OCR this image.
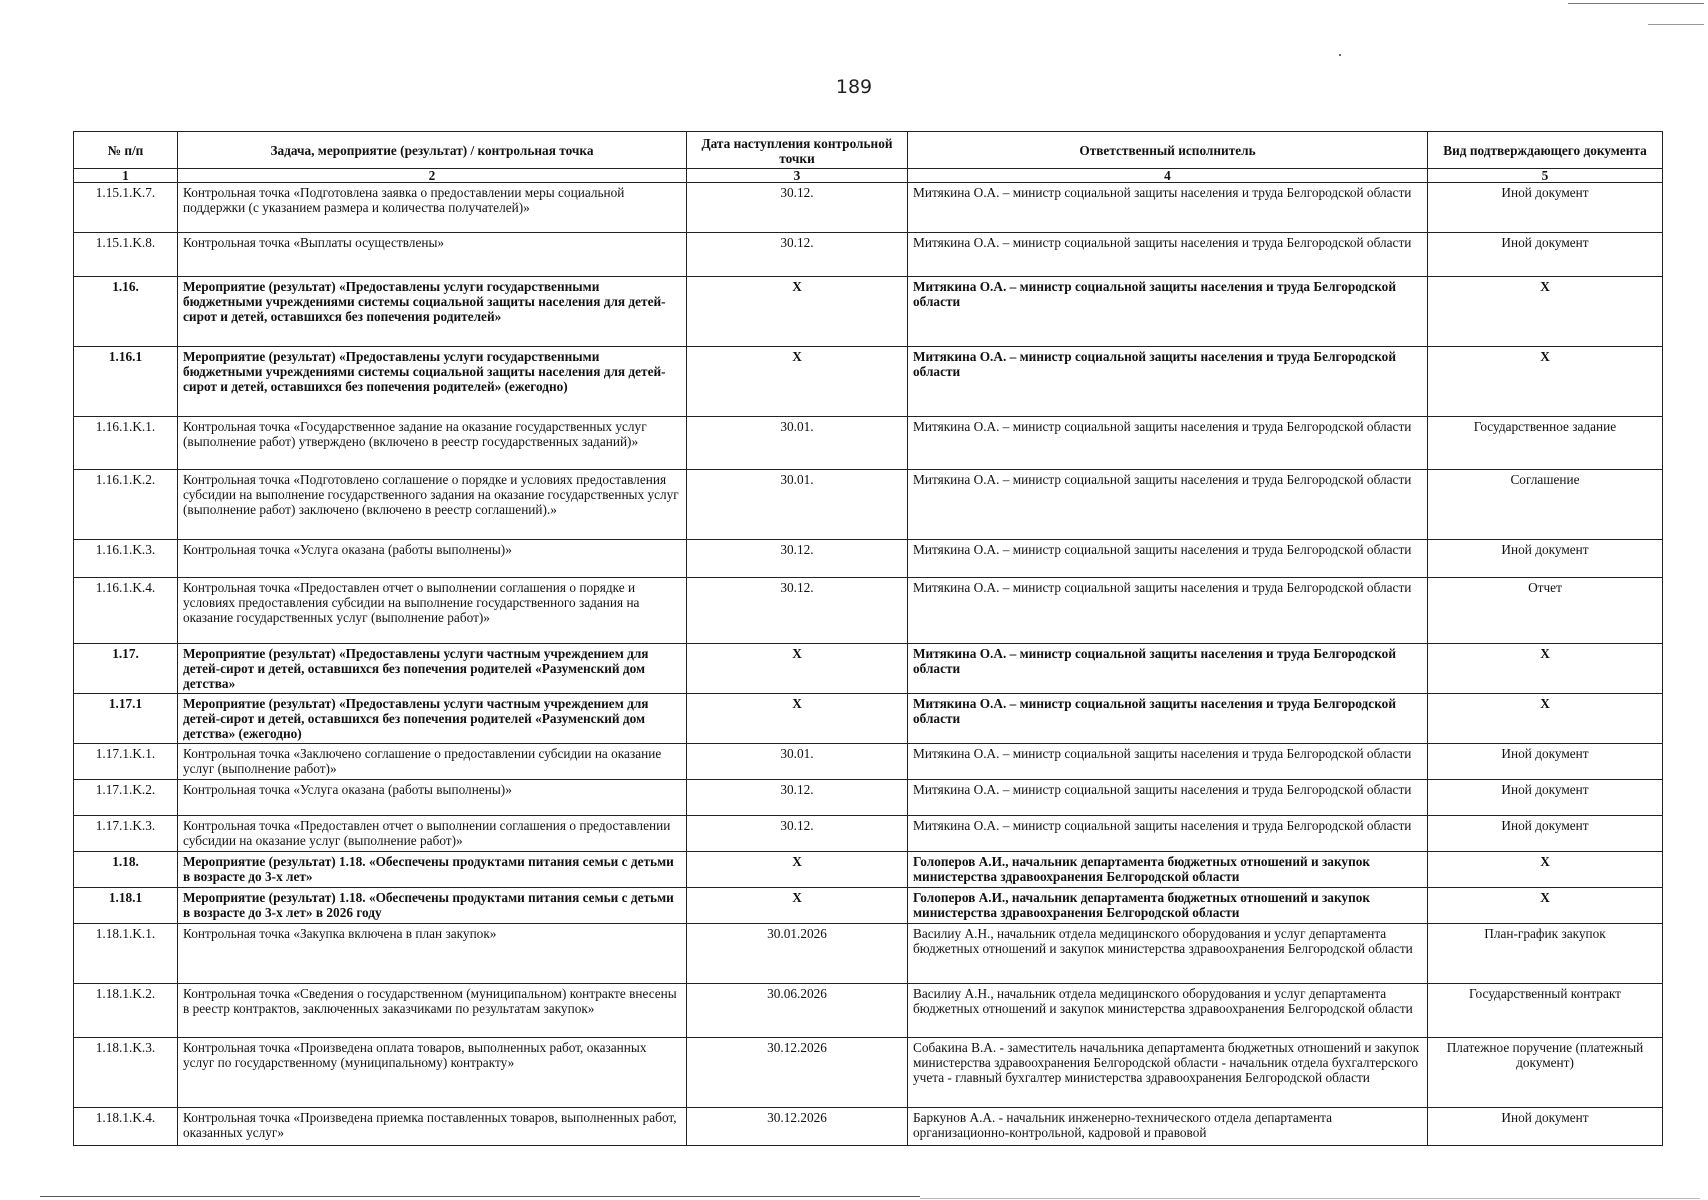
189
№ п/п	Задача, мероприятие (результат) / контрольная точка	Дата наступления контрольной точки	Ответственный исполнитель	Вид подтверждающего документа
1	2	3	4	5
1.15.1.K.7.	Контрольная точка «Подготовлена заявка о предоставлении меры социальной поддержки (с указанием размера и количества получателей)»	30.12.	Митякина О.А. – министр социальной защиты населения и труда Белгородской области	Иной документ
1.15.1.K.8.	Контрольная точка «Выплаты осуществлены»	30.12.	Митякина О.А. – министр социальной защиты населения и труда Белгородской области	Иной документ
1.16.	Мероприятие (результат) «Предоставлены услуги государственными бюджетными учреждениями системы социальной защиты населения для детей-сирот и детей, оставшихся без попечения родителей»	X	Митякина О.А. – министр социальной защиты населения и труда Белгородской области	X
1.16.1	Мероприятие (результат) «Предоставлены услуги государственными бюджетными учреждениями системы социальной защиты населения для детей-сирот и детей, оставшихся без попечения родителей» (ежегодно)	X	Митякина О.А. – министр социальной защиты населения и труда Белгородской области	X
1.16.1.K.1.	Контрольная точка «Государственное задание на оказание государственных услуг (выполнение работ) утверждено (включено в реестр государственных заданий)»	30.01.	Митякина О.А. – министр социальной защиты населения и труда Белгородской области	Государственное задание
1.16.1.K.2.	Контрольная точка «Подготовлено соглашение о порядке и условиях предоставления субсидии на выполнение государственного задания на оказание государственных услуг (выполнение работ) заключено (включено в реестр соглашений).»	30.01.	Митякина О.А. – министр социальной защиты населения и труда Белгородской области	Соглашение
1.16.1.K.3.	Контрольная точка «Услуга оказана (работы выполнены)»	30.12.	Митякина О.А. – министр социальной защиты населения и труда Белгородской области	Иной документ
1.16.1.K.4.	Контрольная точка «Предоставлен отчет о выполнении соглашения о порядке и условиях предоставления субсидии на выполнение государственного задания на оказание государственных услуг (выполнение работ)»	30.12.	Митякина О.А. – министр социальной защиты населения и труда Белгородской области	Отчет
1.17.	Мероприятие (результат) «Предоставлены услуги частным учреждением для детей-сирот и детей, оставшихся без попечения родителей «Разуменский дом детства»	X	Митякина О.А. – министр социальной защиты населения и труда Белгородской области	X
1.17.1	Мероприятие (результат) «Предоставлены услуги частным учреждением для детей-сирот и детей, оставшихся без попечения родителей «Разуменский дом детства» (ежегодно)	X	Митякина О.А. – министр социальной защиты населения и труда Белгородской области	X
1.17.1.K.1.	Контрольная точка «Заключено соглашение о предоставлении субсидии на оказание услуг (выполнение работ)»	30.01.	Митякина О.А. – министр социальной защиты населения и труда Белгородской области	Иной документ
1.17.1.K.2.	Контрольная точка «Услуга оказана (работы выполнены)»	30.12.	Митякина О.А. – министр социальной защиты населения и труда Белгородской области	Иной документ
1.17.1.K.3.	Контрольная точка «Предоставлен отчет о выполнении соглашения о предоставлении субсидии на оказание услуг (выполнение работ)»	30.12.	Митякина О.А. – министр социальной защиты населения и труда Белгородской области	Иной документ
1.18.	Мероприятие (результат) 1.18. «Обеспечены продуктами питания семьи с детьми в возрасте до 3-х лет»	X	Голоперов А.И., начальник департамента бюджетных отношений и закупок министерства здравоохранения Белгородской области	X
1.18.1	Мероприятие (результат) 1.18. «Обеспечены продуктами питания семьи с детьми в возрасте до 3-х лет» в 2026 году	X	Голоперов А.И., начальник департамента бюджетных отношений и закупок министерства здравоохранения Белгородской области	X
1.18.1.K.1.	Контрольная точка «Закупка включена в план закупок»	30.01.2026	Василиу А.Н., начальник отдела медицинского оборудования и услуг департамента бюджетных отношений и закупок министерства здравоохранения Белгородской области	План-график закупок
1.18.1.K.2.	Контрольная точка «Сведения о государственном (муниципальном) контракте внесены в реестр контрактов, заключенных заказчиками по результатам закупок»	30.06.2026	Василиу А.Н., начальник отдела медицинского оборудования и услуг департамента бюджетных отношений и закупок министерства здравоохранения Белгородской области	Государственный контракт
1.18.1.K.3.	Контрольная точка «Произведена оплата товаров, выполненных работ, оказанных услуг по государственному (муниципальному) контракту»	30.12.2026	Собакина В.А. - заместитель начальника департамента бюджетных отношений и закупок министерства здравоохранения Белгородской области - начальник отдела бухгалтерского учета - главный бухгалтер министерства здравоохранения Белгородской области	Платежное поручение (платежный документ)
1.18.1.K.4.	Контрольная точка «Произведена приемка поставленных товаров, выполненных работ, оказанных услуг»	30.12.2026	Баркунов А.А. - начальник инженерно-технического отдела департамента организационно-контрольной, кадровой и правовой	Иной документ
